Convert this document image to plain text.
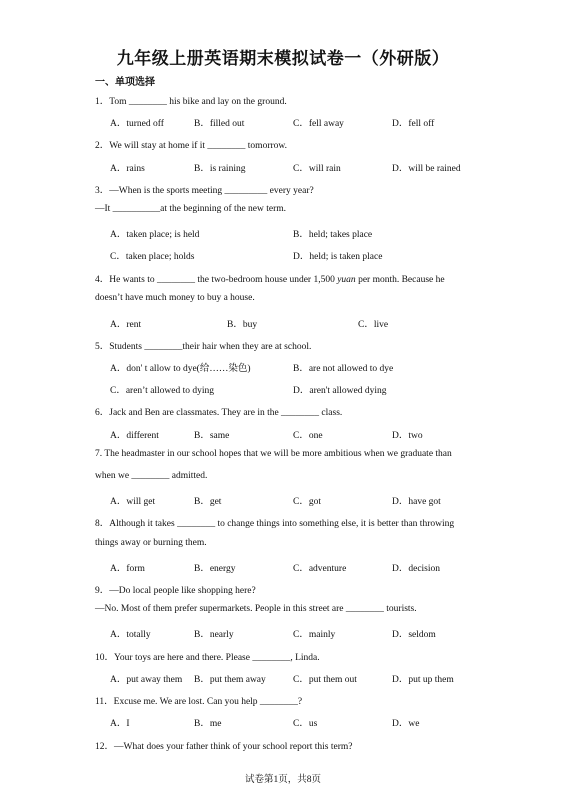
九年级上册英语期末模拟试卷一（外研版）
一、单项选择
1．Tom ________ his bike and lay on the ground.
A．turned off	B．filled out	C．fell away	D．fell off
2．We will stay at home if it ________ tomorrow.
A．rains	B．is raining	C．will rain	D．will be rained
3．—When is the sports meeting _________ every year?
—It __________at the beginning of the new term.
A．taken place; is held	B．held; takes place
C．taken place; holds	D．held; is taken place
4．He wants to ________ the two-bedroom house under 1,500 yuan per month. Because he
doesn’t have much money to buy a house.
A．rent	B．buy	C．live
5．Students ________their hair when they are at school.
A．don' t allow to dye(给……染色)	B．are not allowed to dye
C．aren’t allowed to dying	D．aren't allowed dying
6．Jack and Ben are classmates. They are in the ________ class.
A．different	B．same	C．one	D．two
7. The headmaster in our school hopes that we will be more ambitious when we graduate than
when we ________ admitted.
A．will get	B．get	C．got	D．have got
8．Although it takes ________ to change things into something else, it is better than throwing
things away or burning them.
A．form	B．energy	C．adventure	D．decision
9．—Do local people like shopping here?
—No. Most of them prefer supermarkets. People in this street are ________ tourists.
A．totally	B．nearly	C．mainly	D．seldom
10．Your toys are here and there. Please ________, Linda.
A．put away them B．put them away	C．put them out	D．put up them
11．Excuse me. We are lost. Can you help ________?
A．I	B．me	C．us	D．we
12．—What does your father think of your school report this term?
试卷第1页，共8页
